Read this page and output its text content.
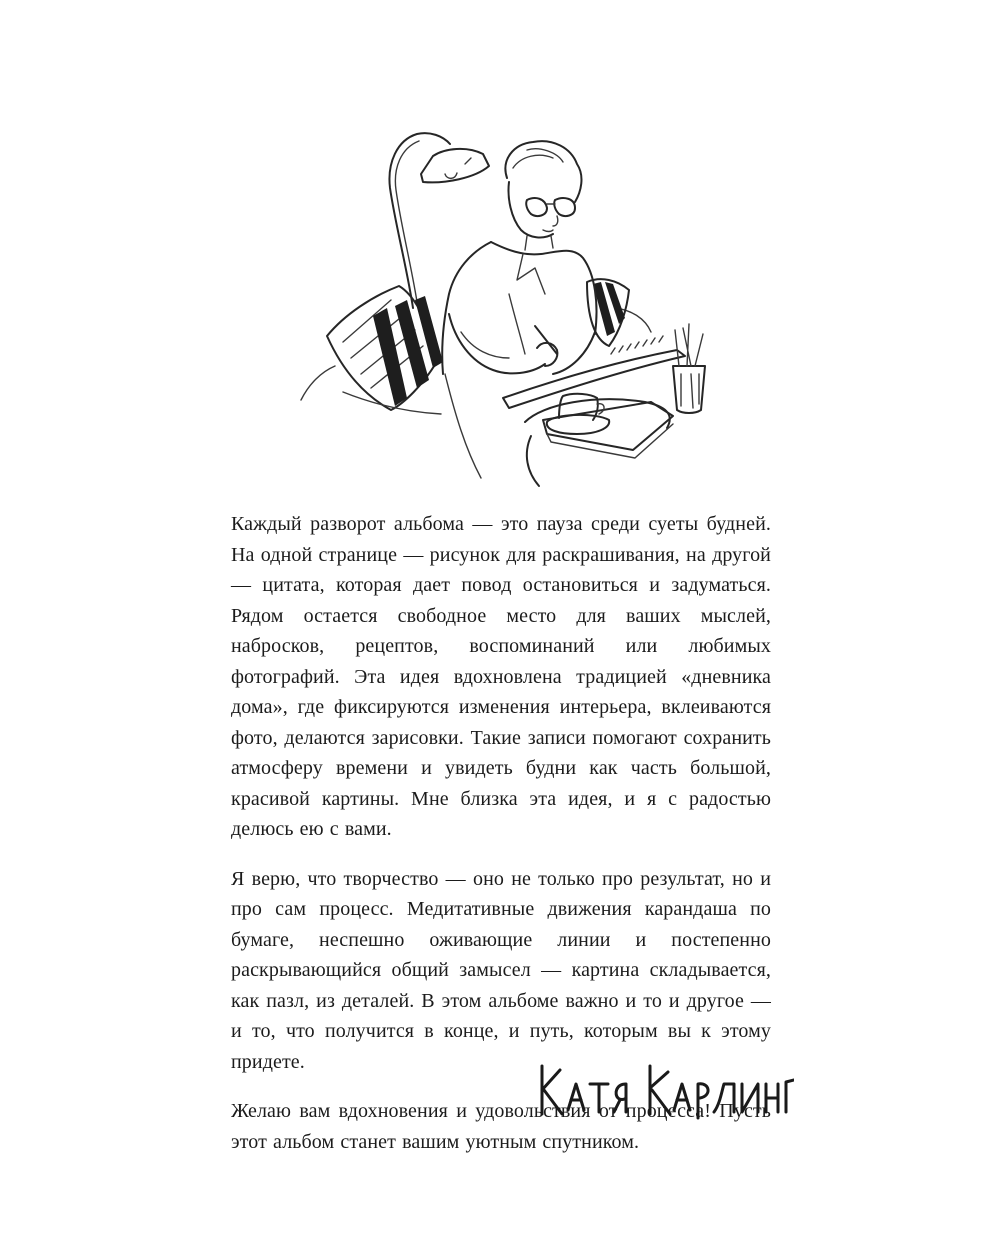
Каждый разворот альбома — это пауза среди суеты будней. На одной странице — рисунок для раскрашивания, на другой — цитата, которая дает повод остановиться и задуматься. Рядом остается свободное место для ваших мыслей, набросков, рецептов, воспоминаний или любимых фотографий. Эта идея вдохновлена традицией «дневника дома», где фиксируются изменения интерьера, вклеиваются фото, делаются зарисовки. Такие записи помогают сохранить атмосферу времени и увидеть будни как часть большой, красивой картины. Мне близка эта идея, и я с радостью делюсь ею с вами.

Я верю, что творчество — оно не только про результат, но и про сам процесс. Медитативные движения карандаша по бумаге, неспешно оживающие линии и постепенно раскрывающийся общий замысел — картина складывается, как пазл, из деталей. В этом альбоме важно и то и другое — и то, что получится в конце, и путь, которым вы к этому придете.

Желаю вам вдохновения и удовольствия от процесса! Пусть этот альбом станет вашим уютным спутником.
